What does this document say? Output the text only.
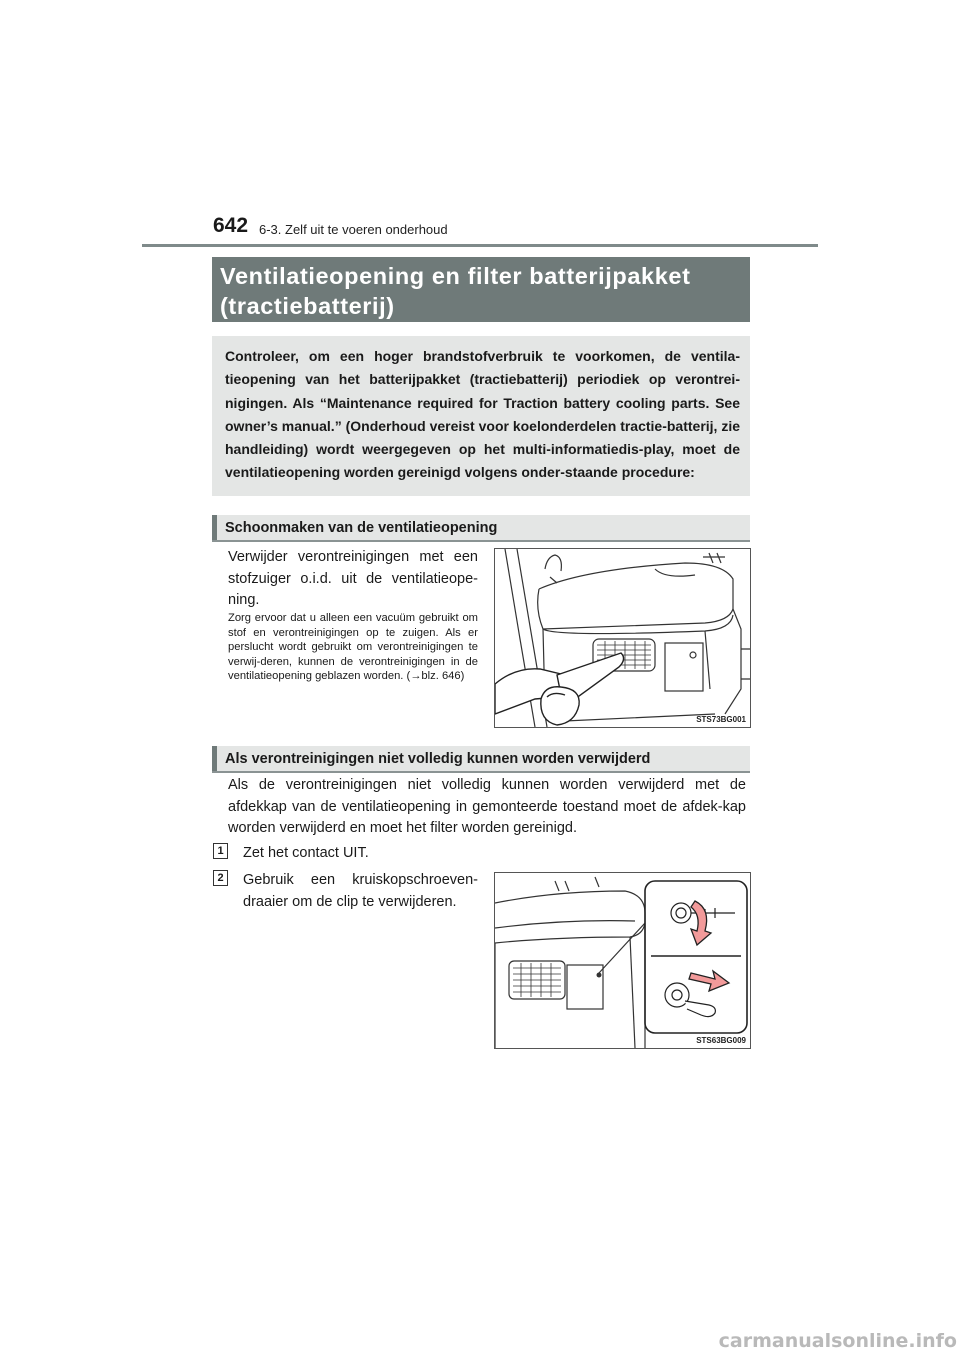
642 6-3. Zelf uit te voeren onderhoud
Ventilatieopening en filter batterijpakket
(tractiebatterij)
Controleer, om een hoger brandstofverbruik te voorkomen, de ventila-tieopening van het batterijpakket (tractiebatterij) periodiek op verontrei-nigingen. Als “Maintenance required for Traction battery cooling parts. See owner’s manual.” (Onderhoud vereist voor koelonderdelen tractie-batterij, zie handleiding) wordt weergegeven op het multi-informatiedis-play, moet de ventilatieopening worden gereinigd volgens onder-staande procedure:
Schoonmaken van de ventilatieopening
Verwijder verontreinigingen met een stofzuiger o.i.d. uit de ventilatieope-ning.
Zorg ervoor dat u alleen een vacuüm gebruikt om stof en verontreinigingen op te zuigen. Als er perslucht wordt gebruikt om verontreinigingen te verwij-deren, kunnen de verontreinigingen in de ventilatieopening geblazen worden. (→blz. 646)
STS73BG001
Als verontreinigingen niet volledig kunnen worden verwijderd
Als de verontreinigingen niet volledig kunnen worden verwijderd met de afdekkap van de ventilatieopening in gemonteerde toestand moet de afdek-kap worden verwijderd en moet het filter worden gereinigd.
1	Zet het contact UIT.
2	Gebruik een kruiskopschroeven-draaier om de clip te verwijderen.
STS63BG009
carmanualsonline.info
